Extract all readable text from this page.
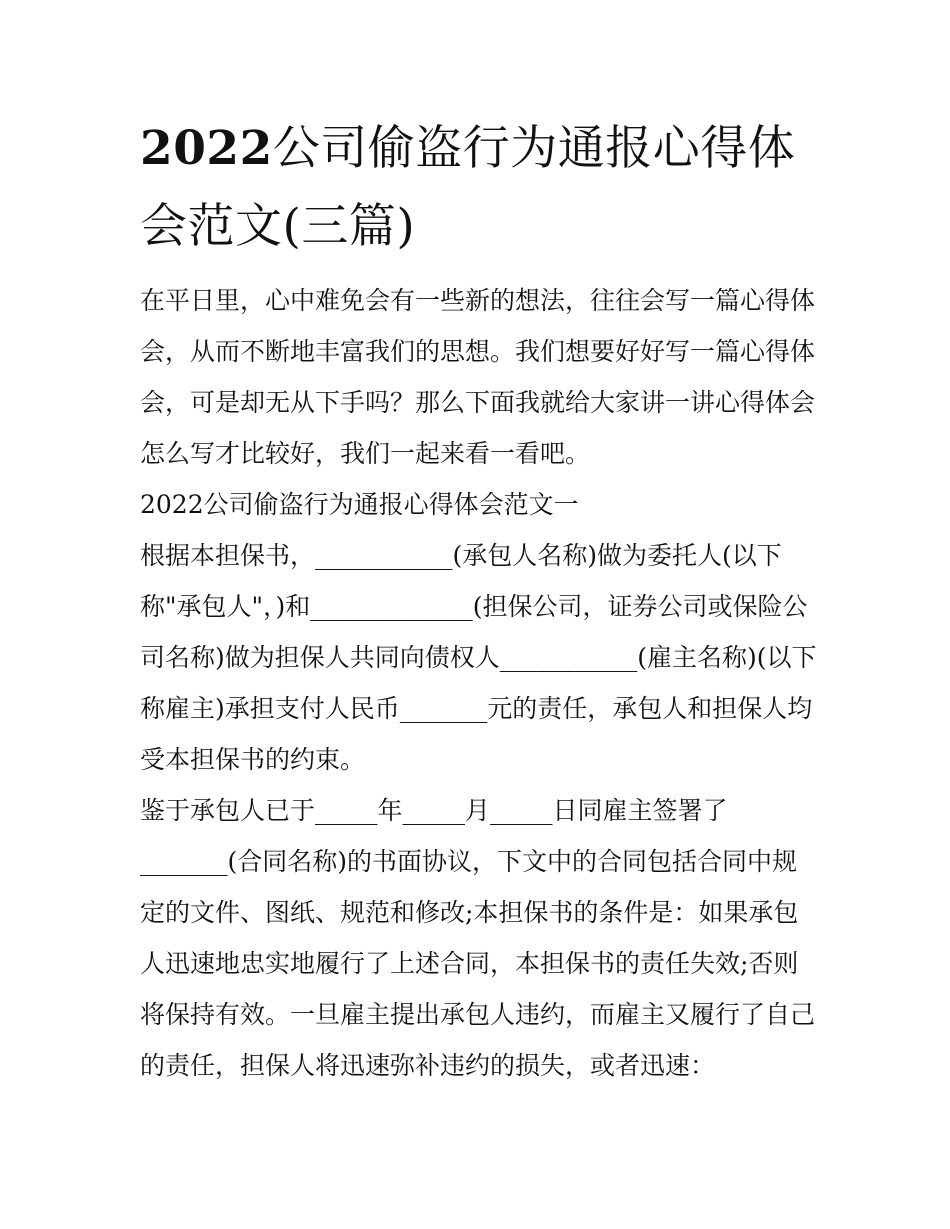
2022公司偷盗行为通报心得体
会范文(三篇)
在平日里，心中难免会有一些新的想法，往往会写一篇心得体
会，从而不断地丰富我们的思想。我们想要好好写一篇心得体
会，可是却无从下手吗？那么下面我就给大家讲一讲心得体会
怎么写才比较好，我们一起来看一看吧。
2022公司偷盗行为通报心得体会范文一
根据本担保书，___________(承包人名称)做为委托人(以下
称"承包人"，)和_____________(担保公司，证券公司或保险公
司名称)做为担保人共同向债权人___________(雇主名称)(以下
称雇主)承担支付人民币_______元的责任，承包人和担保人均
受本担保书的约束。
鉴于承包人已于_____年_____月_____日同雇主签署了
_______(合同名称)的书面协议，下文中的合同包括合同中规
定的文件、图纸、规范和修改;本担保书的条件是：如果承包
人迅速地忠实地履行了上述合同，本担保书的责任失效;否则
将保持有效。一旦雇主提出承包人违约，而雇主又履行了自己
的责任，担保人将迅速弥补违约的损失，或者迅速：
